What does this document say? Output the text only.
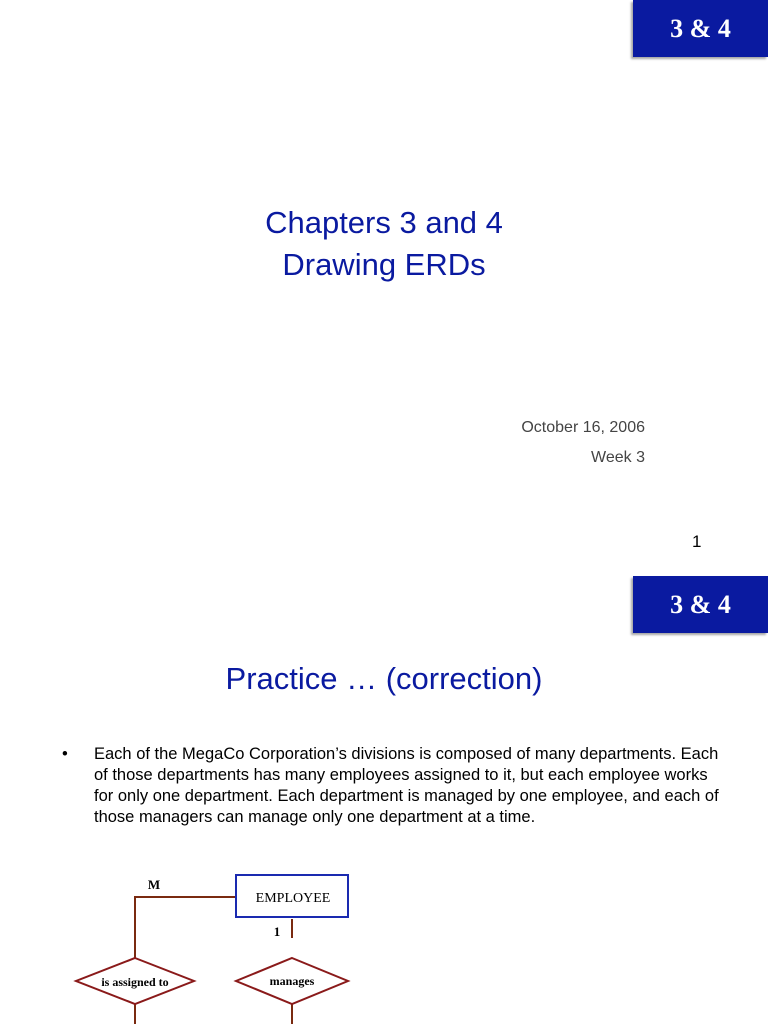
3 & 4
Chapters 3 and 4
Drawing ERDs
October 16, 2006
Week 3
1
3 & 4
Practice … (correction)
•	Each of the MegaCo Corporation’s divisions is composed of many departments. Each of those departments has many employees assigned to it, but each employee works for only one department. Each department is managed by one employee, and each of those managers can manage only one department at a time.
EMPLOYEE
M
1
is assigned to	manages
